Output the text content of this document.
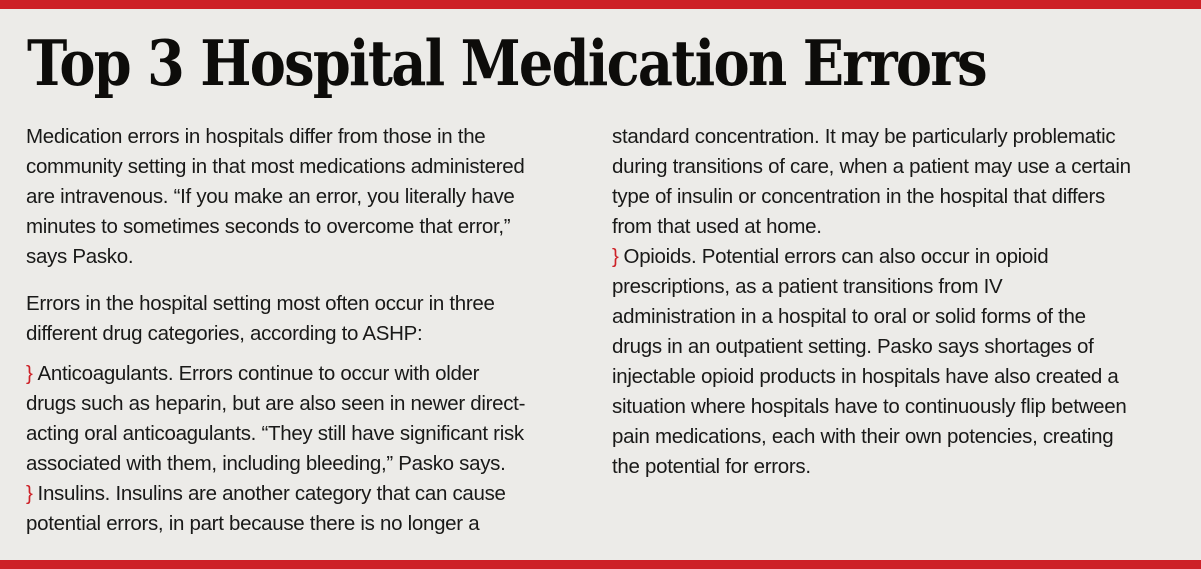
Top 3 Hospital Medication Errors
Medication errors in hospitals differ from those in the
community setting in that most medications administered
are intravenous. “If you make an error, you literally have
minutes to sometimes seconds to overcome that error,”
says Pasko.
Errors in the hospital setting most often occur in three
different drug categories, according to ASHP:
} Anticoagulants. Errors continue to occur with older
drugs such as heparin, but are also seen in newer direct-
acting oral anticoagulants. “They still have significant risk
associated with them, including bleeding,” Pasko says.
} Insulins. Insulins are another category that can cause
potential errors, in part because there is no longer a
standard concentration. It may be particularly problematic
during transitions of care, when a patient may use a certain
type of insulin or concentration in the hospital that differs
from that used at home.
} Opioids. Potential errors can also occur in opioid
prescriptions, as a patient transitions from IV
administration in a hospital to oral or solid forms of the
drugs in an outpatient setting. Pasko says shortages of
injectable opioid products in hospitals have also created a
situation where hospitals have to continuously flip between
pain medications, each with their own potencies, creating
the potential for errors.
